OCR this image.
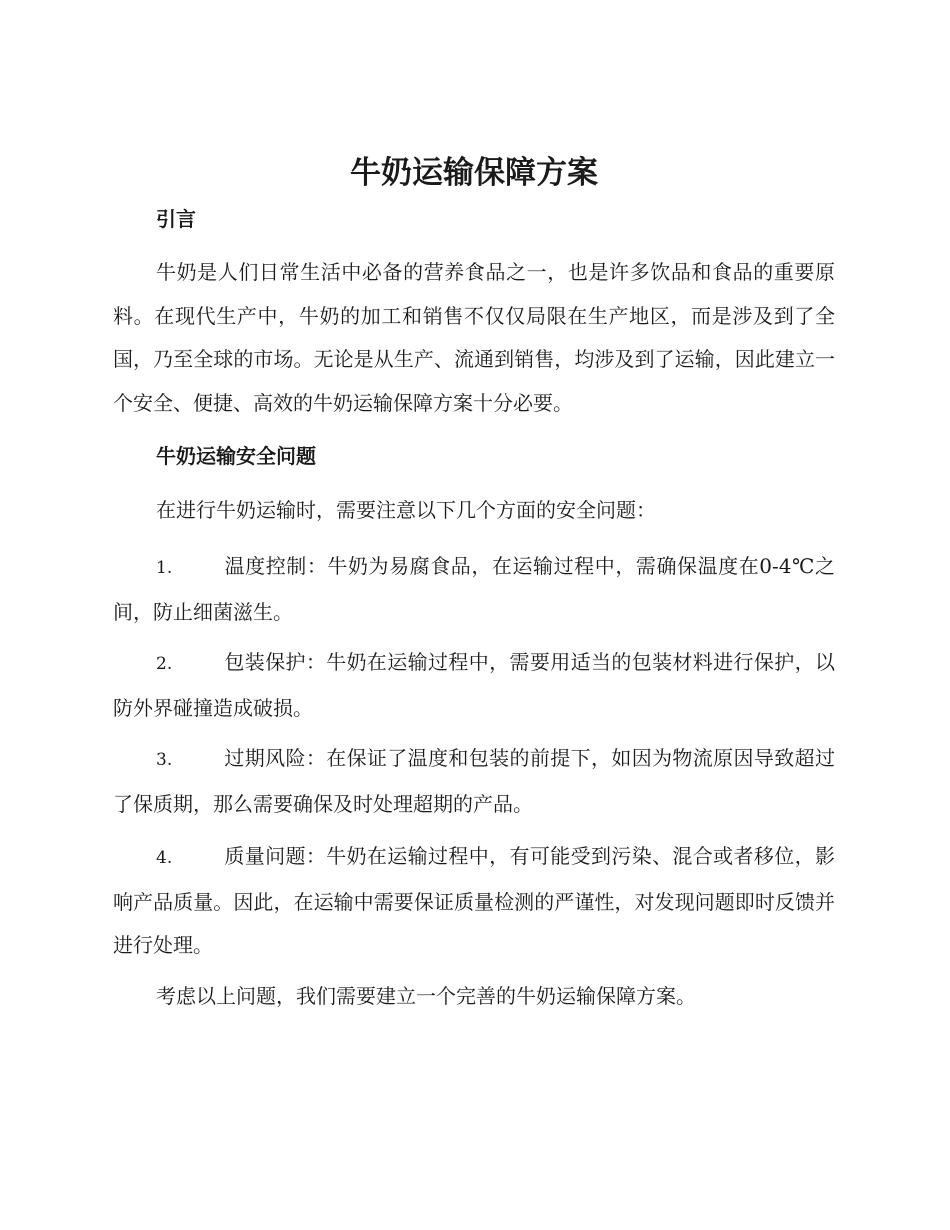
牛奶运输保障方案
引言

牛奶是人们日常生活中必备的营养食品之一，也是许多饮品和食品的重要原料。在现代生产中，牛奶的加工和销售不仅仅局限在生产地区，而是涉及到了全国，乃至全球的市场。无论是从生产、流通到销售，均涉及到了运输，因此建立一个安全、便捷、高效的牛奶运输保障方案十分必要。

牛奶运输安全问题

在进行牛奶运输时，需要注意以下几个方面的安全问题：

1.	温度控制：牛奶为易腐食品，在运输过程中，需确保温度在0-4℃之间，防止细菌滋生。

2.	包装保护：牛奶在运输过程中，需要用适当的包装材料进行保护，以防外界碰撞造成破损。

3.	过期风险：在保证了温度和包装的前提下，如因为物流原因导致超过了保质期，那么需要确保及时处理超期的产品。

4.	质量问题：牛奶在运输过程中，有可能受到污染、混合或者移位，影响产品质量。因此，在运输中需要保证质量检测的严谨性，对发现问题即时反馈并进行处理。

考虑以上问题，我们需要建立一个完善的牛奶运输保障方案。
